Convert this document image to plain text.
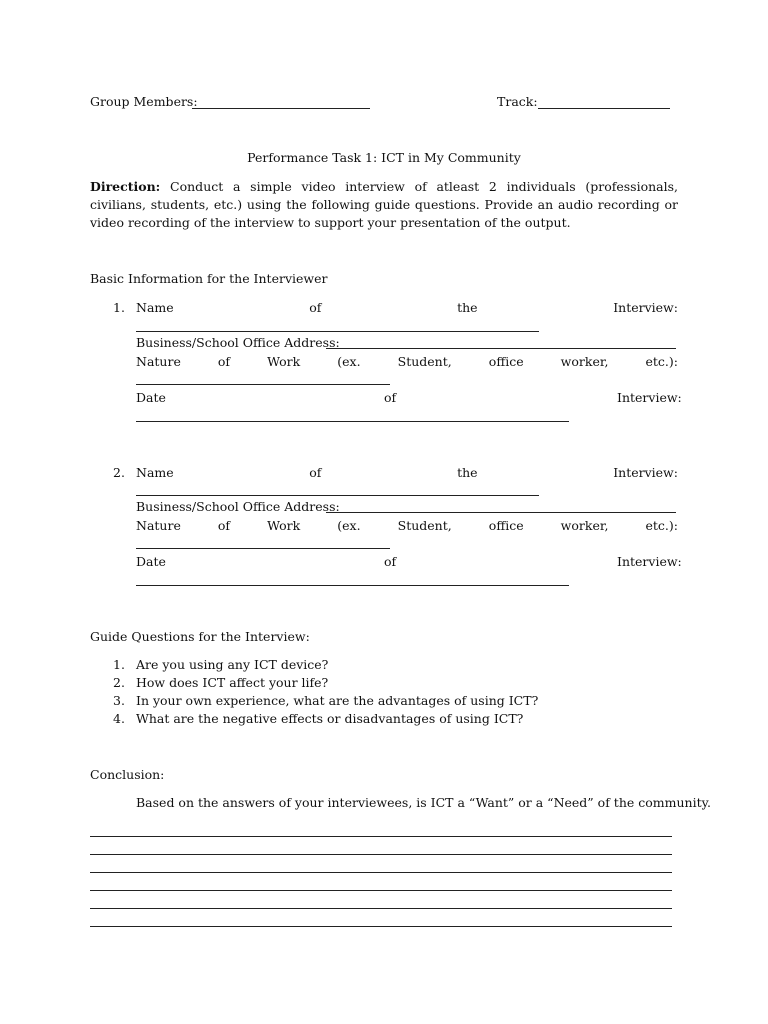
Group Members:	Track:
Performance Task 1: ICT in My Community
Direction: Conduct a simple video interview of atleast 2 individuals (professionals, civilians, students, etc.) using the following guide questions. Provide an audio recording or video recording of the interview to support your presentation of the output.
Basic Information for the Interviewer
1. Name	of	the	Interview:
Business/School Office Address:
Nature	of	Work	(ex.	Student,	office	worker,	etc.):
Date	of	Interview:
2. Name	of	the	Interview:
Business/School Office Address:
Nature	of	Work	(ex.	Student,	office	worker,	etc.):
Date	of	Interview:
Guide Questions for the Interview:
1. Are you using any ICT device?
2. How does ICT affect your life?
3. In your own experience, what are the advantages of using ICT?
4. What are the negative effects or disadvantages of using ICT?
Conclusion:
Based on the answers of your interviewees, is ICT a “Want” or a “Need” of the community.
